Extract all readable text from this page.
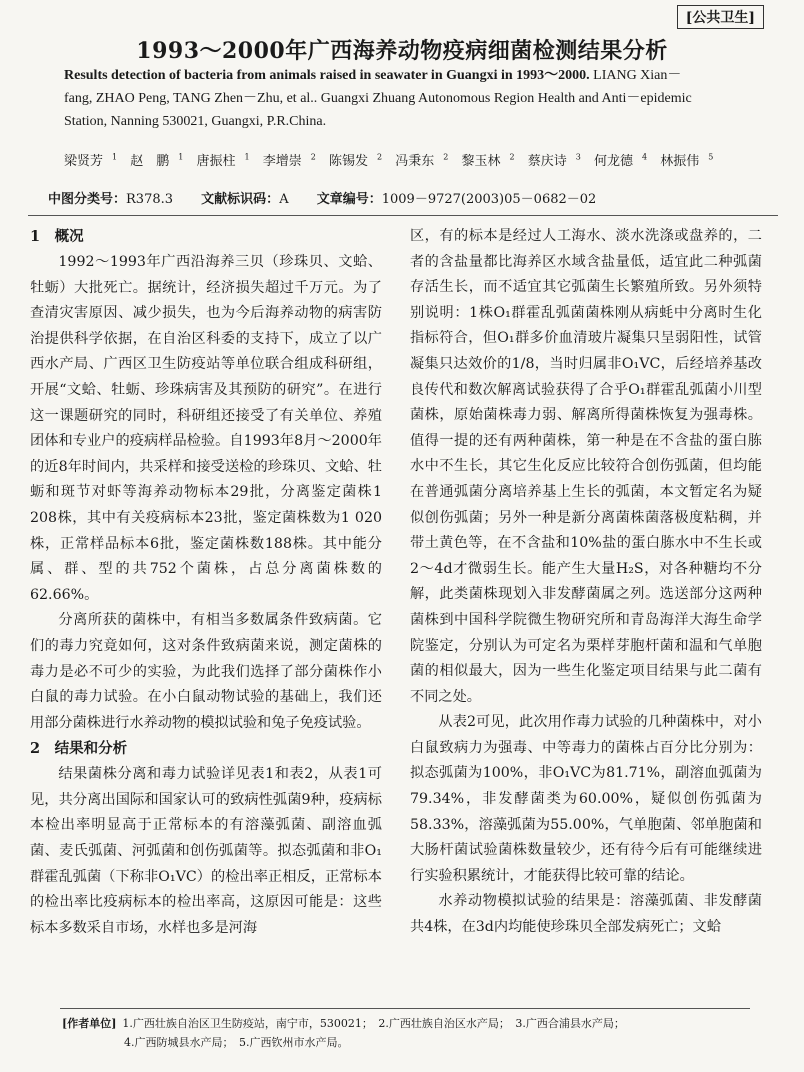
[公共卫生]
1993～2000年广西海养动物疫病细菌检测结果分析
Results detection of bacteria from animals raised in seawater in Guangxi in 1993～2000. LIANG Xian－
fang, ZHAO Peng, TANG Zhen－Zhu, et al.. Guangxi Zhuang Autonomous Region Health and Anti－epidemic
Station, Nanning 530021, Guangxi, P.R.China.
梁贤芳 $^1$ 赵　鹏 $^1$ 唐振柱 $^1$ 李增崇 $^2$ 陈锡发 $^2$ 冯秉东 $^2$ 黎玉林 $^2$ 蔡庆诗 $^3$ 何龙德 $^4$ 林振伟 $^5$
中图分类号：R378.3 文献标识码：A 文章编号：1009－9727(2003)05－0682－02
1　概况

1992～1993年广西沿海养三贝（珍珠贝、文蛤、牡蛎）大批死亡。据统计，经济损失超过千万元。为了查清灾害原因、减少损失，也为今后海养动物的病害防治提供科学依据，在自治区科委的支持下，成立了以广西水产局、广西区卫生防疫站等单位联合组成科研组，开展“文蛤、牡蛎、珍珠病害及其预防的研究”。在进行这一课题研究的同时，科研组还接受了有关单位、养殖团体和专业户的疫病样品检验。自1993年8月～2000年的近8年时间内，共采样和接受送检的珍珠贝、文蛤、牡蛎和斑节对虾等海养动物标本29批，分离鉴定菌株1 208株，其中有关疫病标本23批，鉴定菌株数为1 020株，正常样品标本6批，鉴定菌株数188株。其中能分属、群、型的共752个菌株，占总分离菌株数的62.66%。

分离所获的菌株中，有相当多数属条件致病菌。它们的毒力究竟如何，这对条件致病菌来说，测定菌株的毒力是必不可少的实验，为此我们选择了部分菌株作小白鼠的毒力试验。在小白鼠动物试验的基础上，我们还用部分菌株进行水养动物的模拟试验和兔子免疫试验。

2　结果和分析

结果菌株分离和毒力试验详见表1和表2，从表1可见，共分离出国际和国家认可的致病性弧菌9种，疫病标本检出率明显高于正常标本的有溶藻弧菌、副溶血弧菌、麦氏弧菌、河弧菌和创伤弧菌等。拟态弧菌和非O₁群霍乱弧菌（下称非O₁VC）的检出率正相反，正常标本的检出率比疫病标本的检出率高，这原因可能是：这些标本多数采自市场，水样也多是河海

区，有的标本是经过人工海水、淡水洗涤或盘养的，二者的含盐量都比海养区水域含盐量低，适宜此二种弧菌存活生长，而不适宜其它弧菌生长繁殖所致。另外须特别说明：1株O₁群霍乱弧菌菌株刚从病蚝中分离时生化指标符合，但O₁群多价血清玻片凝集只呈弱阳性，试管凝集只达效价的1/8，当时归属非O₁VC，后经培养基改良传代和数次解离试验获得了合乎O₁群霍乱弧菌小川型菌株，原始菌株毒力弱、解离所得菌株恢复为强毒株。值得一提的还有两种菌株，第一种是在不含盐的蛋白胨水中不生长，其它生化反应比较符合创伤弧菌，但均能在普通弧菌分离培养基上生长的弧菌，本文暂定名为疑似创伤弧菌；另外一种是新分离菌株菌落极度粘稠，并带土黄色等，在不含盐和10%盐的蛋白胨水中不生长或2～4d才微弱生长。能产生大量H₂S，对各种糖均不分解，此类菌株现划入非发酵菌属之列。选送部分这两种菌株到中国科学院微生物研究所和青岛海洋大海生命学院鉴定，分别认为可定名为栗样芽胞杆菌和温和气单胞菌的相似最大，因为一些生化鉴定项目结果与此二菌有不同之处。

从表2可见，此次用作毒力试验的几种菌株中，对小白鼠致病力为强毒、中等毒力的菌株占百分比分别为：拟态弧菌为100%，非O₁VC为81.71%，副溶血弧菌为79.34%，非发酵菌类为60.00%，疑似创伤弧菌为58.33%，溶藻弧菌为55.00%，气单胞菌、邻单胞菌和大肠杆菌试验菌株数量较少，还有待今后有可能继续进行实验积累统计，才能获得比较可靠的结论。

水养动物模拟试验的结果是：溶藻弧菌、非发酵菌共4株，在3d内均能使珍珠贝全部发病死亡；文蛤

[作者单位] 1.广西壮族自治区卫生防疫站，南宁市，530021；　2.广西壮族自治区水产局；　3.广西合浦县水产局；
4.广西防城县水产局；　5.广西钦州市水产局。
